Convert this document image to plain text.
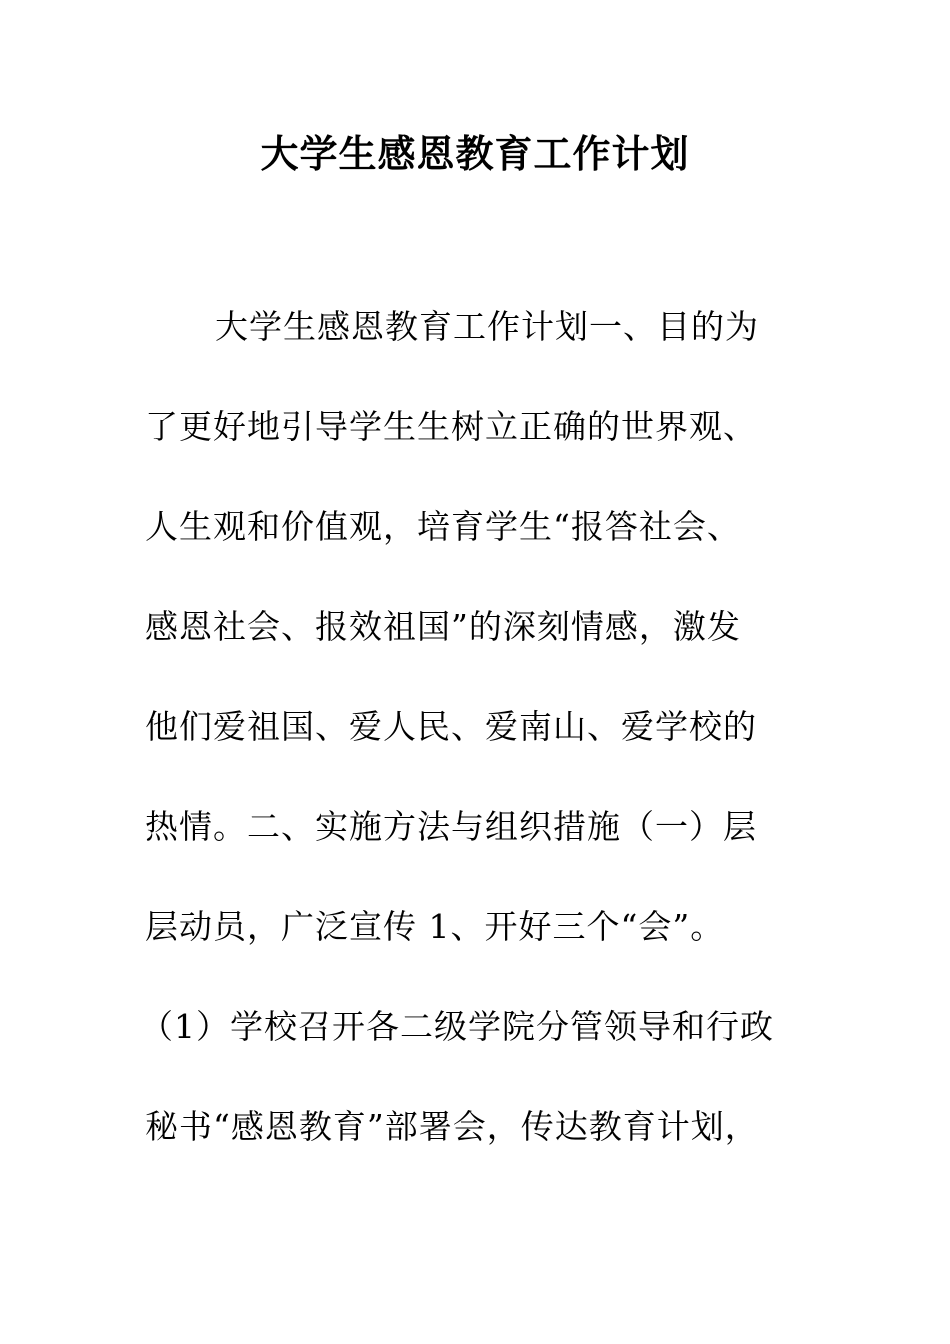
大学生感恩教育工作计划

大学生感恩教育工作计划一、目的为

了更好地引导学生生树立正确的世界观、

人生观和价值观，培育学生“报答社会、

感恩社会、报效祖国”的深刻情感，激发

他们爱祖国、爱人民、爱南山、爱学校的

热情。二、实施方法与组织措施（一）层

层动员，广泛宣传 1、开好三个“会”。

（1）学校召开各二级学院分管领导和行政

秘书“感恩教育”部署会，传达教育计划，
